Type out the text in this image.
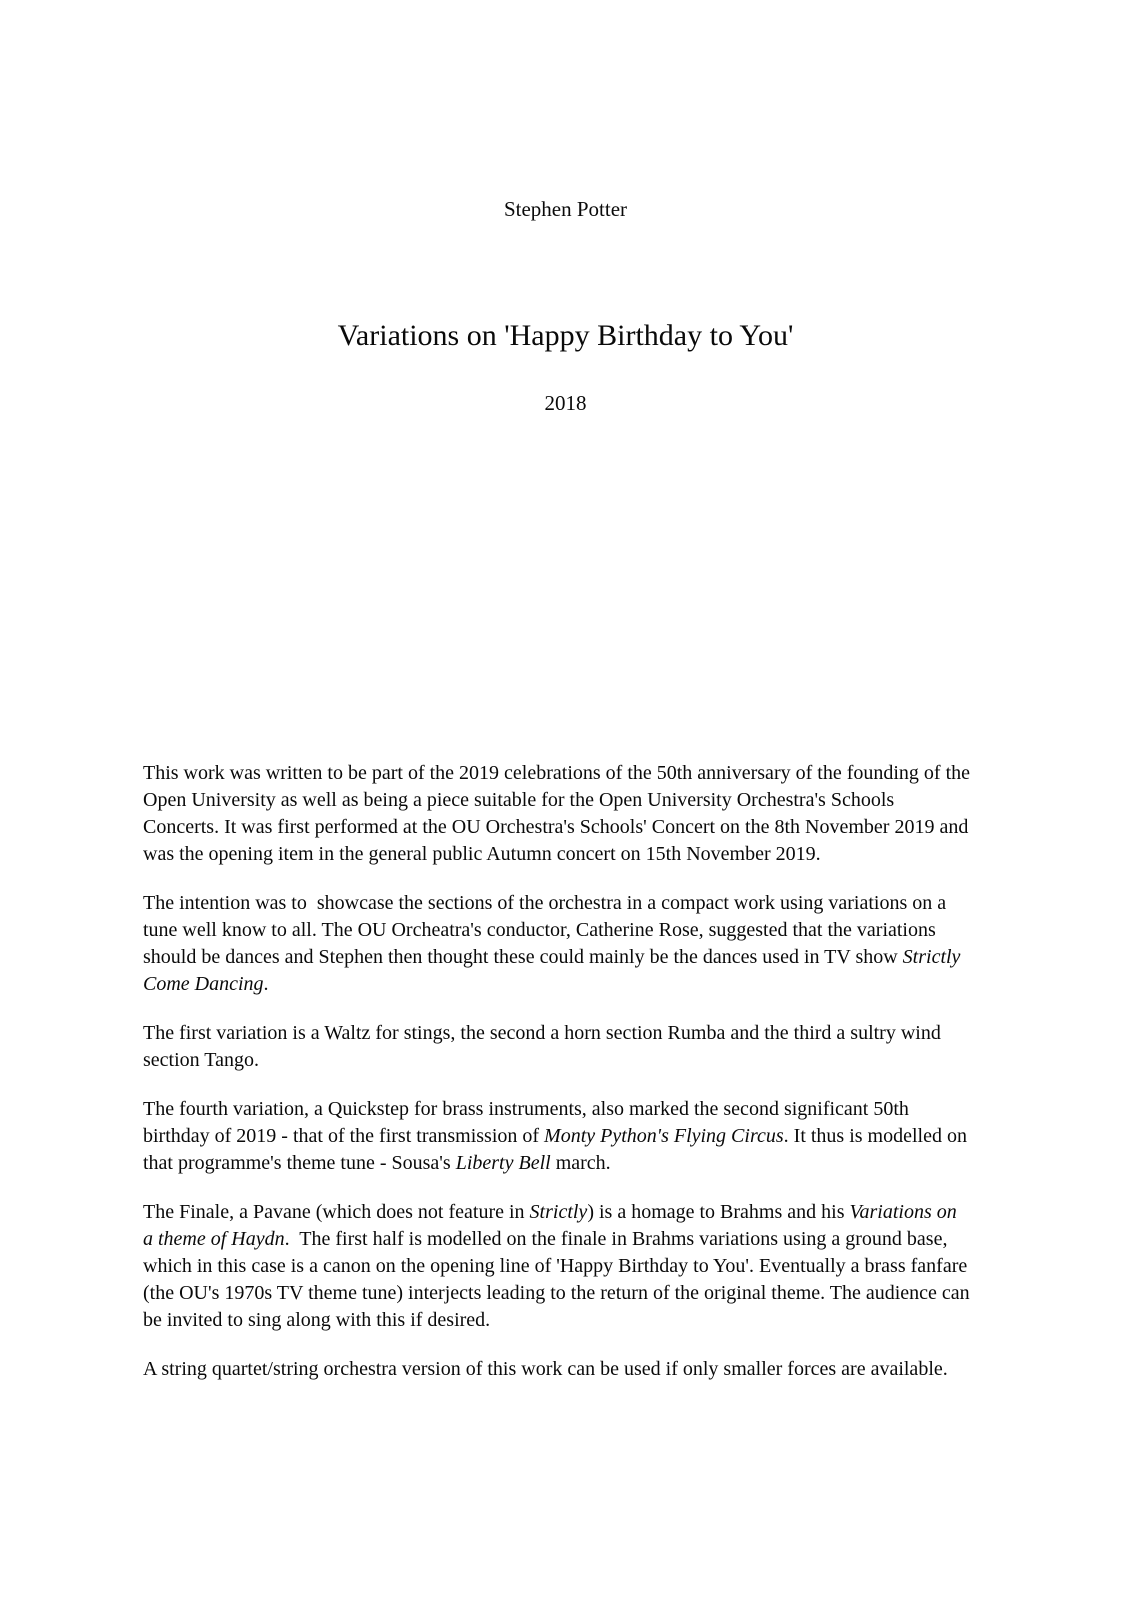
Stephen Potter
Variations on 'Happy Birthday to You'
2018

This work was written to be part of the 2019 celebrations of the 50th anniversary of the founding of the Open University as well as being a piece suitable for the Open University Orchestra's Schools Concerts. It was first performed at the OU Orchestra's Schools' Concert on the 8th November 2019 and was the opening item in the general public Autumn concert on 15th November 2019.

The intention was to  showcase the sections of the orchestra in a compact work using variations on a tune well know to all. The OU Orcheatra's conductor, Catherine Rose, suggested that the variations should be dances and Stephen then thought these could mainly be the dances used in TV show Strictly Come Dancing.

The first variation is a Waltz for stings, the second a horn section Rumba and the third a sultry wind section Tango.

The fourth variation, a Quickstep for brass instruments, also marked the second significant 50th birthday of 2019 - that of the first transmission of Monty Python's Flying Circus. It thus is modelled on that programme's theme tune - Sousa's Liberty Bell march.

The Finale, a Pavane (which does not feature in Strictly) is a homage to Brahms and his Variations on a theme of Haydn.  The first half is modelled on the finale in Brahms variations using a ground base, which in this case is a canon on the opening line of 'Happy Birthday to You'. Eventually a brass fanfare (the OU's 1970s TV theme tune) interjects leading to the return of the original theme. The audience can be invited to sing along with this if desired.

A string quartet/string orchestra version of this work can be used if only smaller forces are available.
